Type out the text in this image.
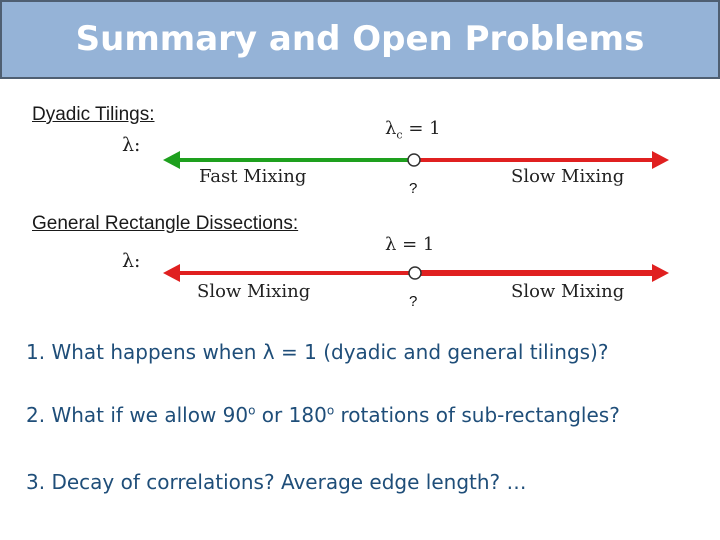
Summary and Open Problems
Dyadic Tilings:
λ:
$\lambda_c = 1$
Fast Mixing	Slow Mixing
?
General Rectangle Dissections:
λ:
λ = 1
Slow Mixing	Slow Mixing
?
1. What happens when λ = 1 (dyadic and general tilings)?
2. What if we allow 90$^o$ or 180$^o$ rotations of sub-rectangles?
3. Decay of correlations? Average edge length? …
